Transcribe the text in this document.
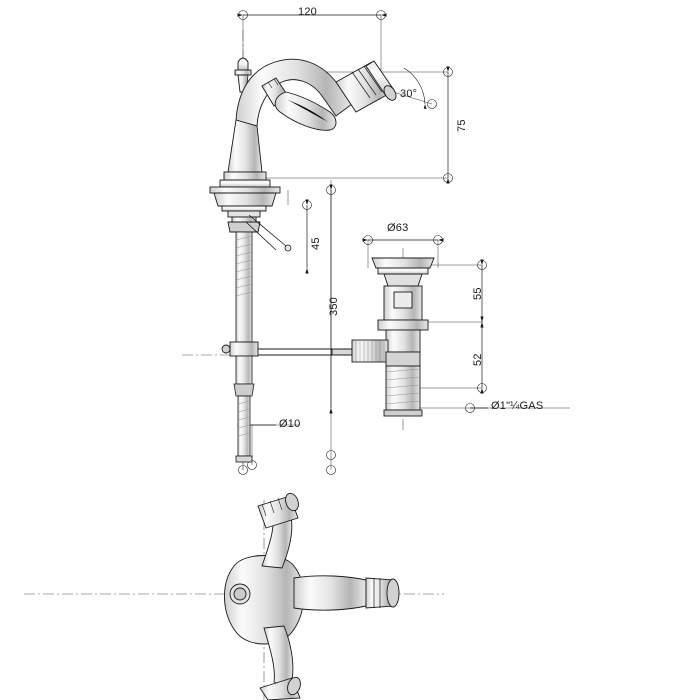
120
30°
75
45
350
Ø63
55
52
Ø1"¼GAS
Ø10
